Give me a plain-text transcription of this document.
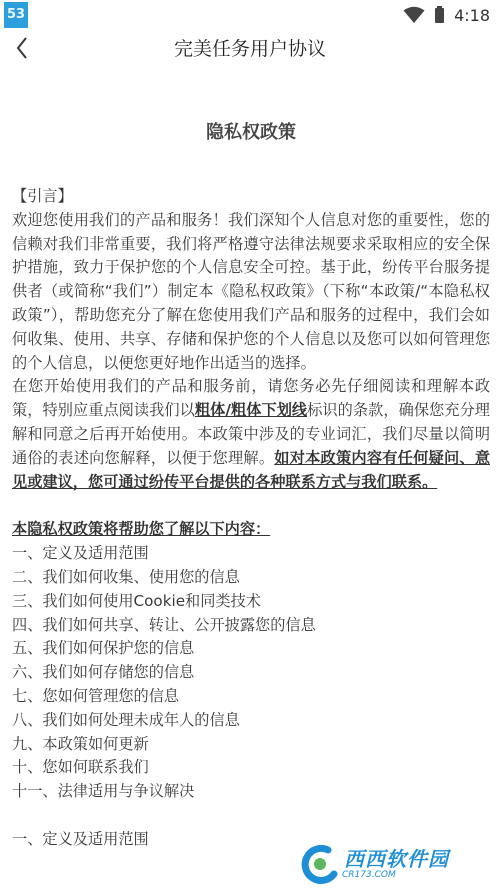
53	4:18
完美任务用户协议
隐私权政策

【引言】

欢迎您使用我们的产品和服务！我们深知个人信息对您的重要性，您的信赖对我们非常重要，我们将严格遵守法律法规要求采取相应的安全保护措施，致力于保护您的个人信息安全可控。基于此，纷传平台服务提供者（或简称“我们”）制定本《隐私权政策》（下称“本政策/“本隐私权政策”），帮助您充分了解在您使用我们产品和服务的过程中，我们会如何收集、使用、共享、存储和保护您的个人信息以及您可以如何管理您的个人信息，以便您更好地作出适当的选择。

在您开始使用我们的产品和服务前，请您务必先仔细阅读和理解本政策，特别应重点阅读我们以粗体/粗体下划线标识的条款，确保您充分理解和同意之后再开始使用。本政策中涉及的专业词汇，我们尽量以简明通俗的表述向您解释，以便于您理解。如对本政策内容有任何疑问、意见或建议，您可通过纷传平台提供的各种联系方式与我们联系。

本隐私权政策将帮助您了解以下内容：

一、定义及适用范围

二、我们如何收集、使用您的信息

三、我们如何使用Cookie和同类技术

四、我们如何共享、转让、公开披露您的信息

五、我们如何保护您的信息

六、我们如何存储您的信息

七、您如何管理您的信息

八、我们如何处理未成年人的信息

九、本政策如何更新

十、您如何联系我们

十一、法律适用与争议解决

一、定义及适用范围

西西软件园
CR173.COM
